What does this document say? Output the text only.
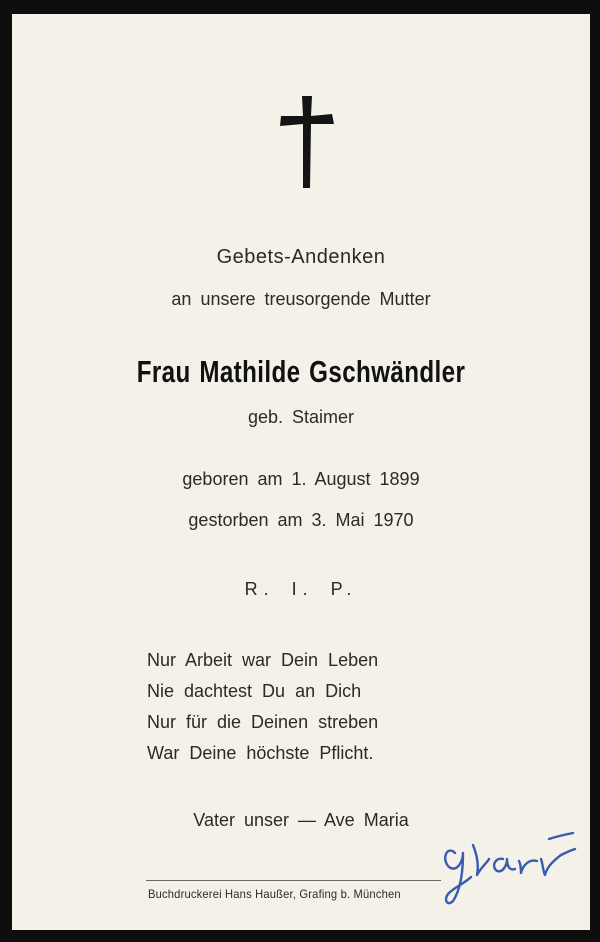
Gebets-Andenken
an unsere treusorgende Mutter
Frau Mathilde Gschwändler
geb. Staimer
geboren am 1. August 1899
gestorben am 3. Mai 1970
R. I. P.
Nur Arbeit war Dein Leben
Nie dachtest Du an Dich
Nur für die Deinen streben
War Deine höchste Pflicht.
Vater unser — Ave Maria
Buchdruckerei Hans Haußer, Grafing b. München
